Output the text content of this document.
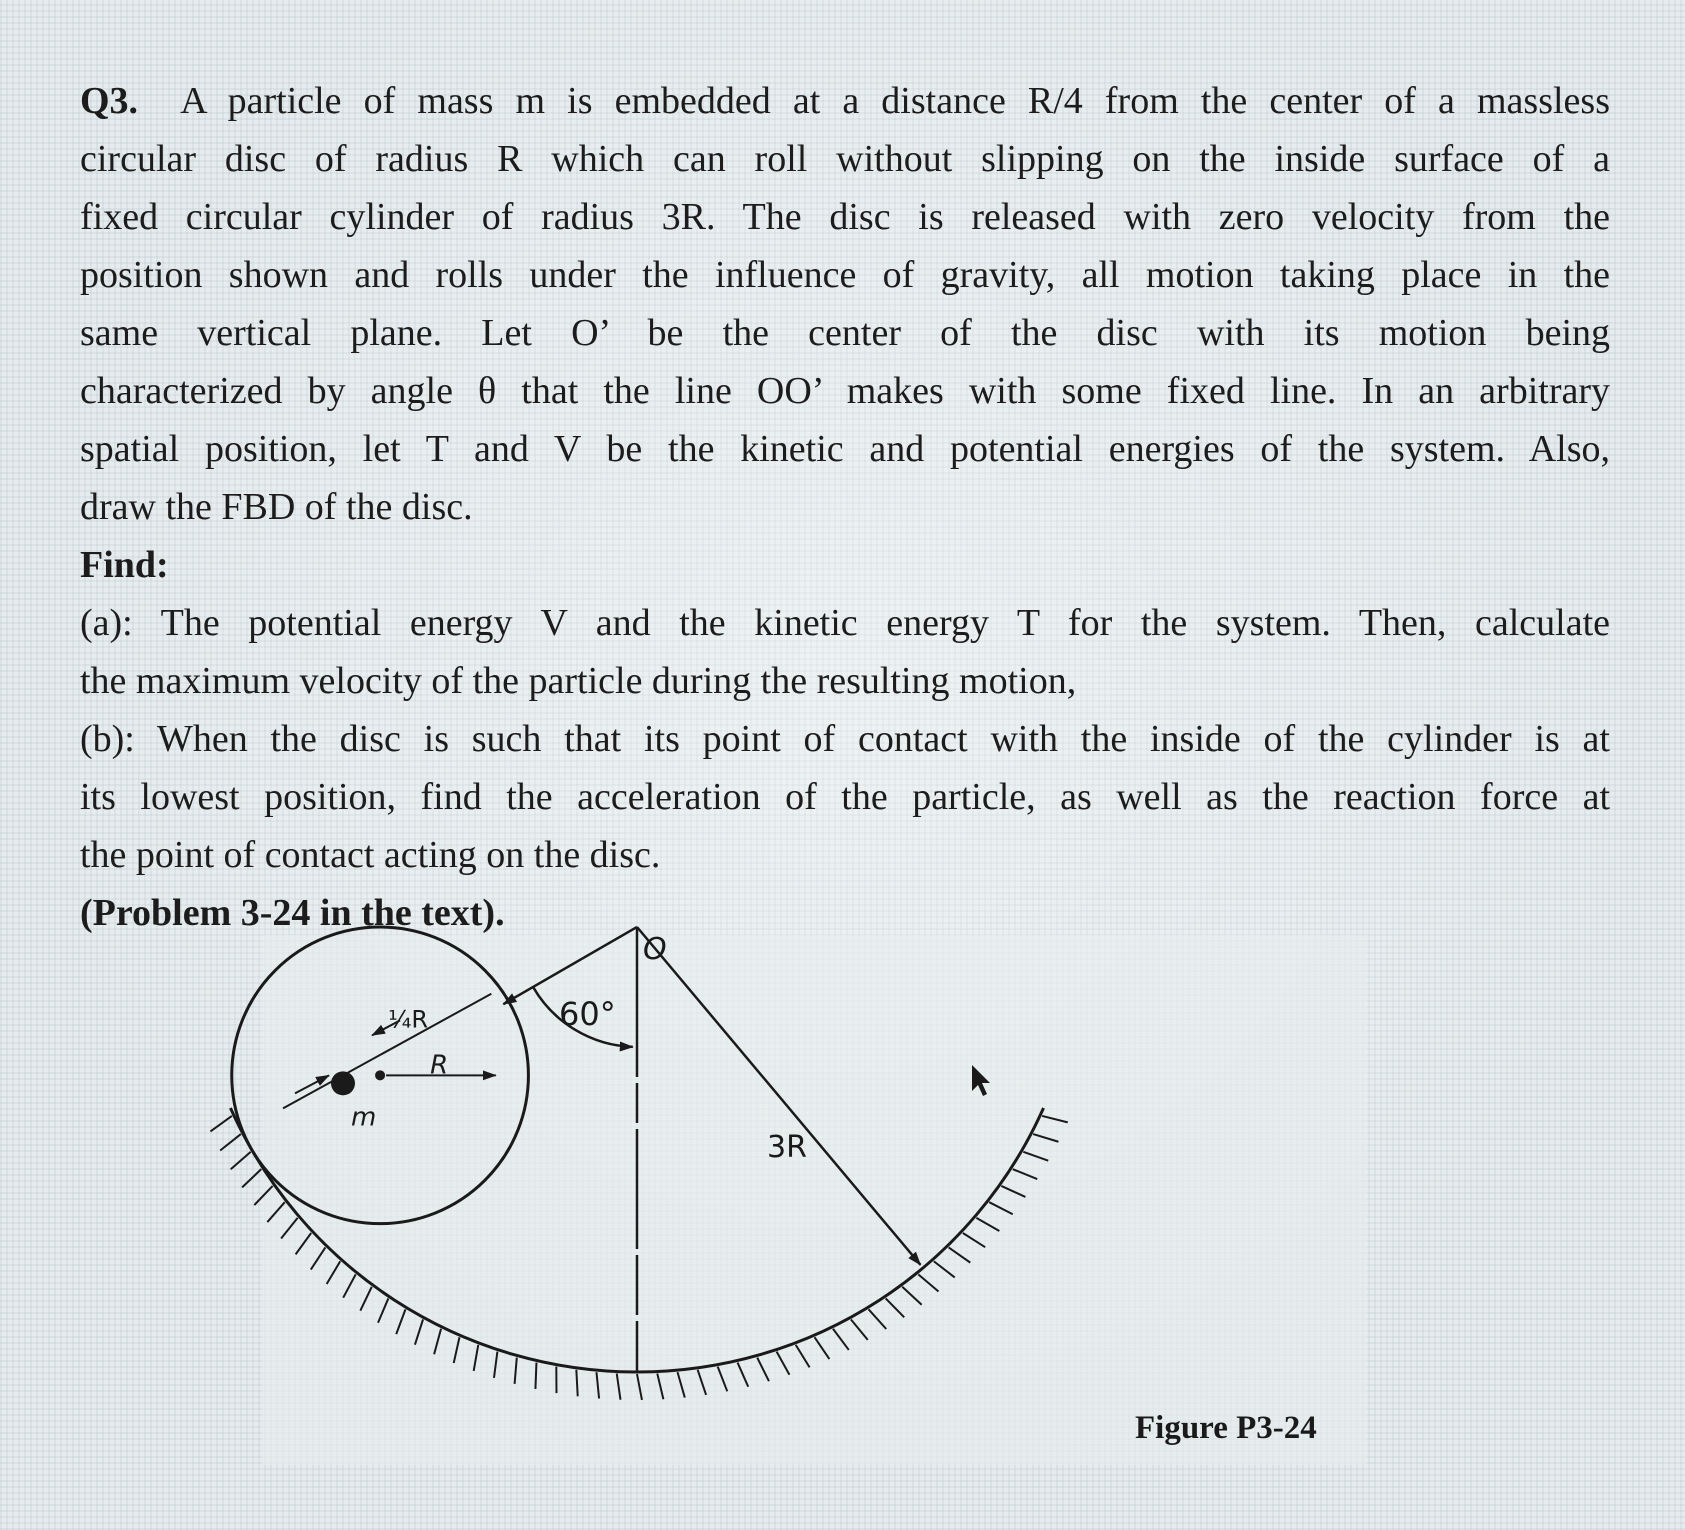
Q3. A particle of mass m is embedded at a distance R/4 from the center of a massless
circular disc of radius R which can roll without slipping on the inside surface of a
fixed circular cylinder of radius 3R. The disc is released with zero velocity from the
position shown and rolls under the influence of gravity, all motion taking place in the
same vertical plane. Let O’ be the center of the disc with its motion being
characterized by angle θ that the line OO’ makes with some fixed line. In an arbitrary
spatial position, let T and V be the kinetic and potential energies of the system. Also,
draw the FBD of the disc.
Find:
(a): The potential energy V and the kinetic energy T for the system. Then, calculate
the maximum velocity of the particle during the resulting motion,
(b): When the disc is such that its point of contact with the inside of the cylinder is at
its lowest position, find the acceleration of the particle, as well as the reaction force at
the point of contact acting on the disc.
(Problem 3-24 in the text).
O
60°
3R
R
¼R
m
Figure P3-24
